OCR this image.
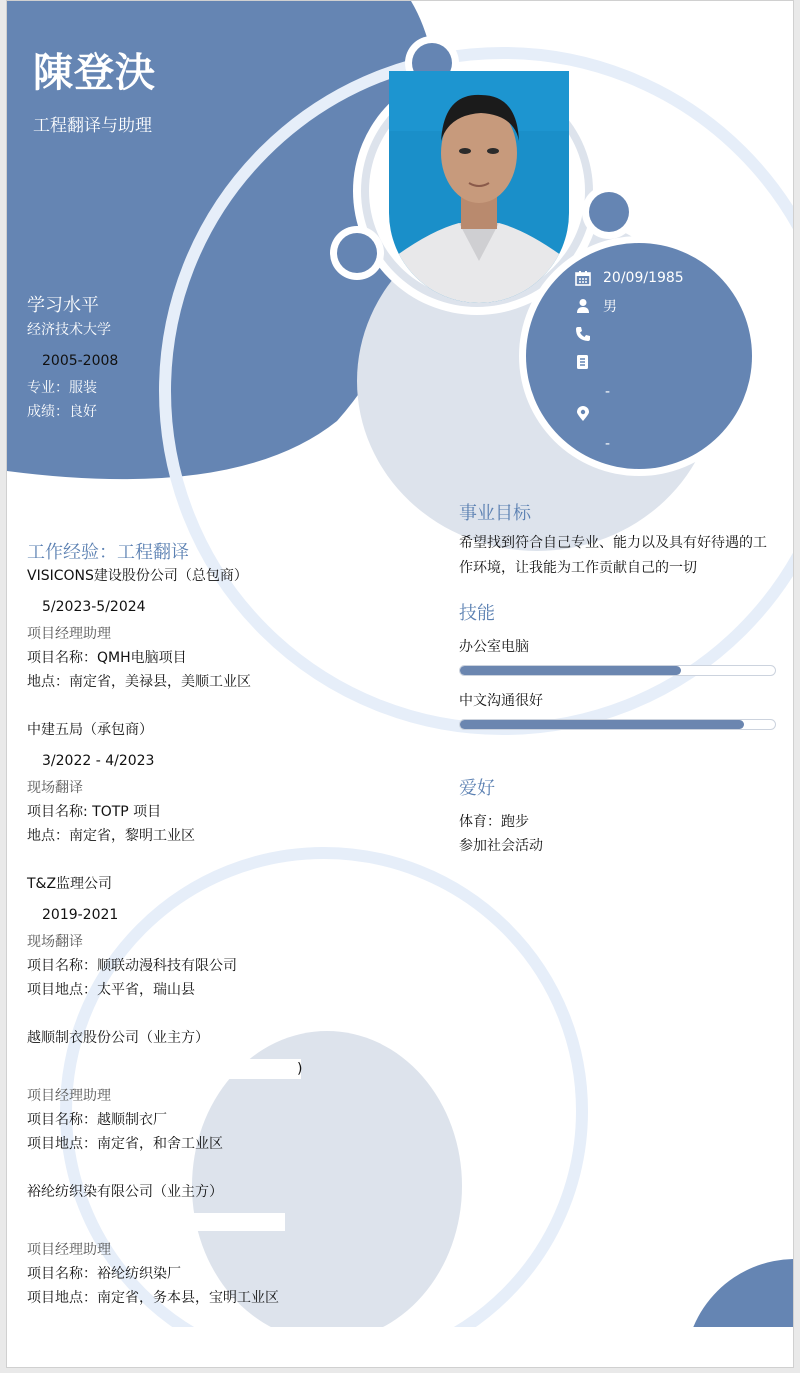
陳登決
工程翻译与助理
学习水平
经济技术大学
2005-2008
专业：服装
成绩：良好
20/09/1985
男
-
-
工作经验：工程翻译
VISICONS建设股份公司（总包商）
5/2023-5/2024
项目经理助理
项目名称：QMH电脑项目
地点：南定省，美禄县，美顺工业区
中建五局（承包商）
3/2022 - 4/2023
现场翻译
项目名称: TOTP 项目
地点：南定省，黎明工业区
T&Z监理公司
2019-2021
现场翻译
项目名称：顺联动漫科技有限公司
项目地点：太平省，瑞山县
越顺制衣股份公司（业主方）
)
项目经理助理
项目名称：越顺制衣厂
项目地点：南定省，和舍工业区
裕纶纺织染有限公司（业主方）
项目经理助理
项目名称：裕纶纺织染厂
项目地点：南定省，务本县，宝明工业区
事业目标
希望找到符合自己专业、能力以及具有好待遇的工作环境，让我能为工作贡献自己的一切
技能
办公室电脑
中文沟通很好
爱好
体育：跑步
参加社会活动
